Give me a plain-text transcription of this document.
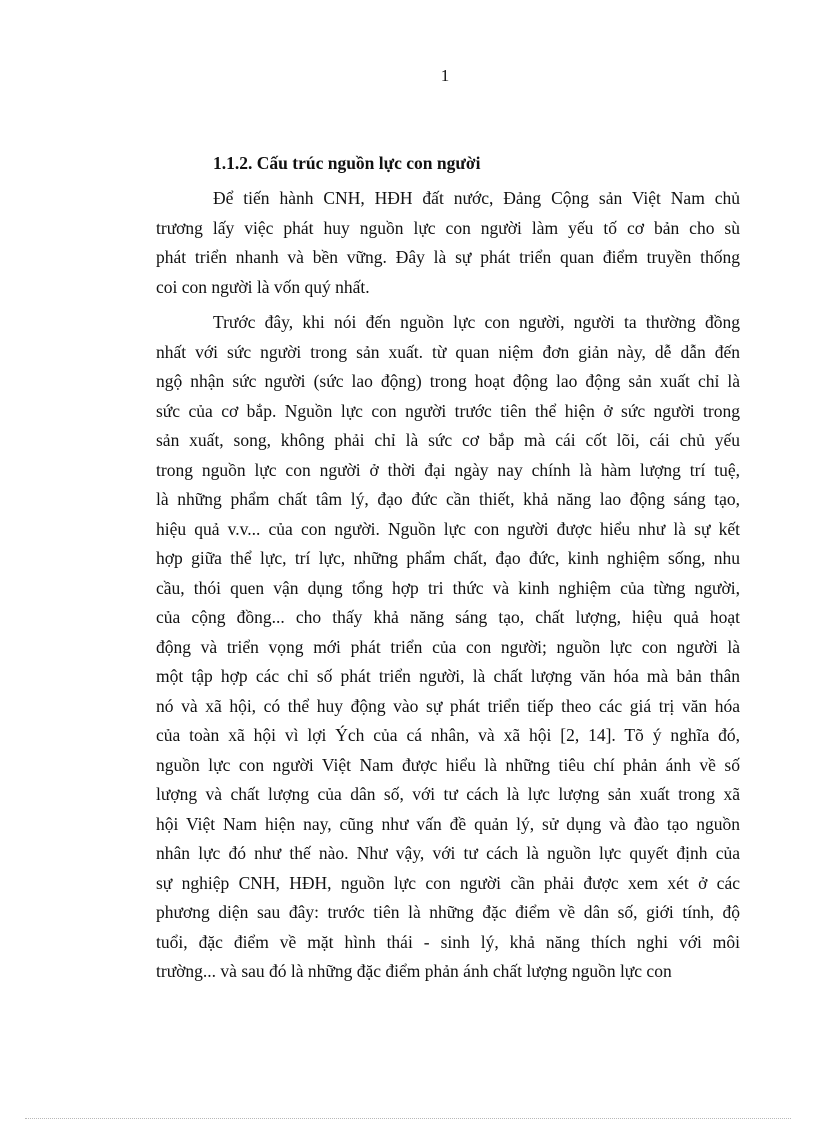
1
1.1.2. Cấu trúc nguồn lực con người

Để tiến hành CNH, HĐH đất nước, Đảng Cộng sản Việt Nam chủ
trương lấy việc phát huy nguồn lực con người làm yếu tố cơ bản cho sù
phát triển nhanh và bền vững. Đây là sự phát triển quan điểm truyền thống
coi con người là vốn quý nhất.

Trước đây, khi nói đến nguồn lực con người, người ta thường đồng
nhất với sức người trong sản xuất. từ quan niệm đơn giản này, dễ dẫn đến
ngộ nhận sức người (sức lao động) trong hoạt động lao động sản xuất chỉ là
sức của cơ bắp. Nguồn lực con người trước tiên thể hiện ở sức người trong
sản xuất, song, không phải chỉ là sức cơ bắp mà cái cốt lõi, cái chủ yếu
trong nguồn lực con người ở thời đại ngày nay chính là hàm lượng trí tuệ,
là những phẩm chất tâm lý, đạo đức cần thiết, khả năng lao động sáng tạo,
hiệu quả v.v... của con người. Nguồn lực con người được hiểu như là sự kết
hợp giữa thể lực, trí lực, những phẩm chất, đạo đức, kinh nghiệm sống, nhu
cầu, thói quen vận dụng tổng hợp tri thức và kinh nghiệm của từng người,
của cộng đồng... cho thấy khả năng sáng tạo, chất lượng, hiệu quả hoạt
động và triển vọng mới phát triển của con người; nguồn lực con người là
một tập hợp các chỉ số phát triển người, là chất lượng văn hóa mà bản thân
nó và xã hội, có thể huy động vào sự phát triển tiếp theo các giá trị văn hóa
của toàn xã hội vì lợi Ých của cá nhân, và xã hội [2, 14]. Tõ ý nghĩa đó,
nguồn lực con người Việt Nam được hiểu là những tiêu chí phản ánh về số
lượng và chất lượng của dân số, với tư cách là lực lượng sản xuất trong xã
hội Việt Nam hiện nay, cũng như vấn đề quản lý, sử dụng và đào tạo nguồn
nhân lực đó như thế nào. Như vậy, với tư cách là nguồn lực quyết định của
sự nghiệp CNH, HĐH, nguồn lực con người cần phải được xem xét ở các
phương diện sau đây: trước tiên là những đặc điểm về dân số, giới tính, độ
tuổi, đặc điểm về mặt hình thái - sinh lý, khả năng thích nghi với môi
trường... và sau đó là những đặc điểm phản ánh chất lượng nguồn lực con
